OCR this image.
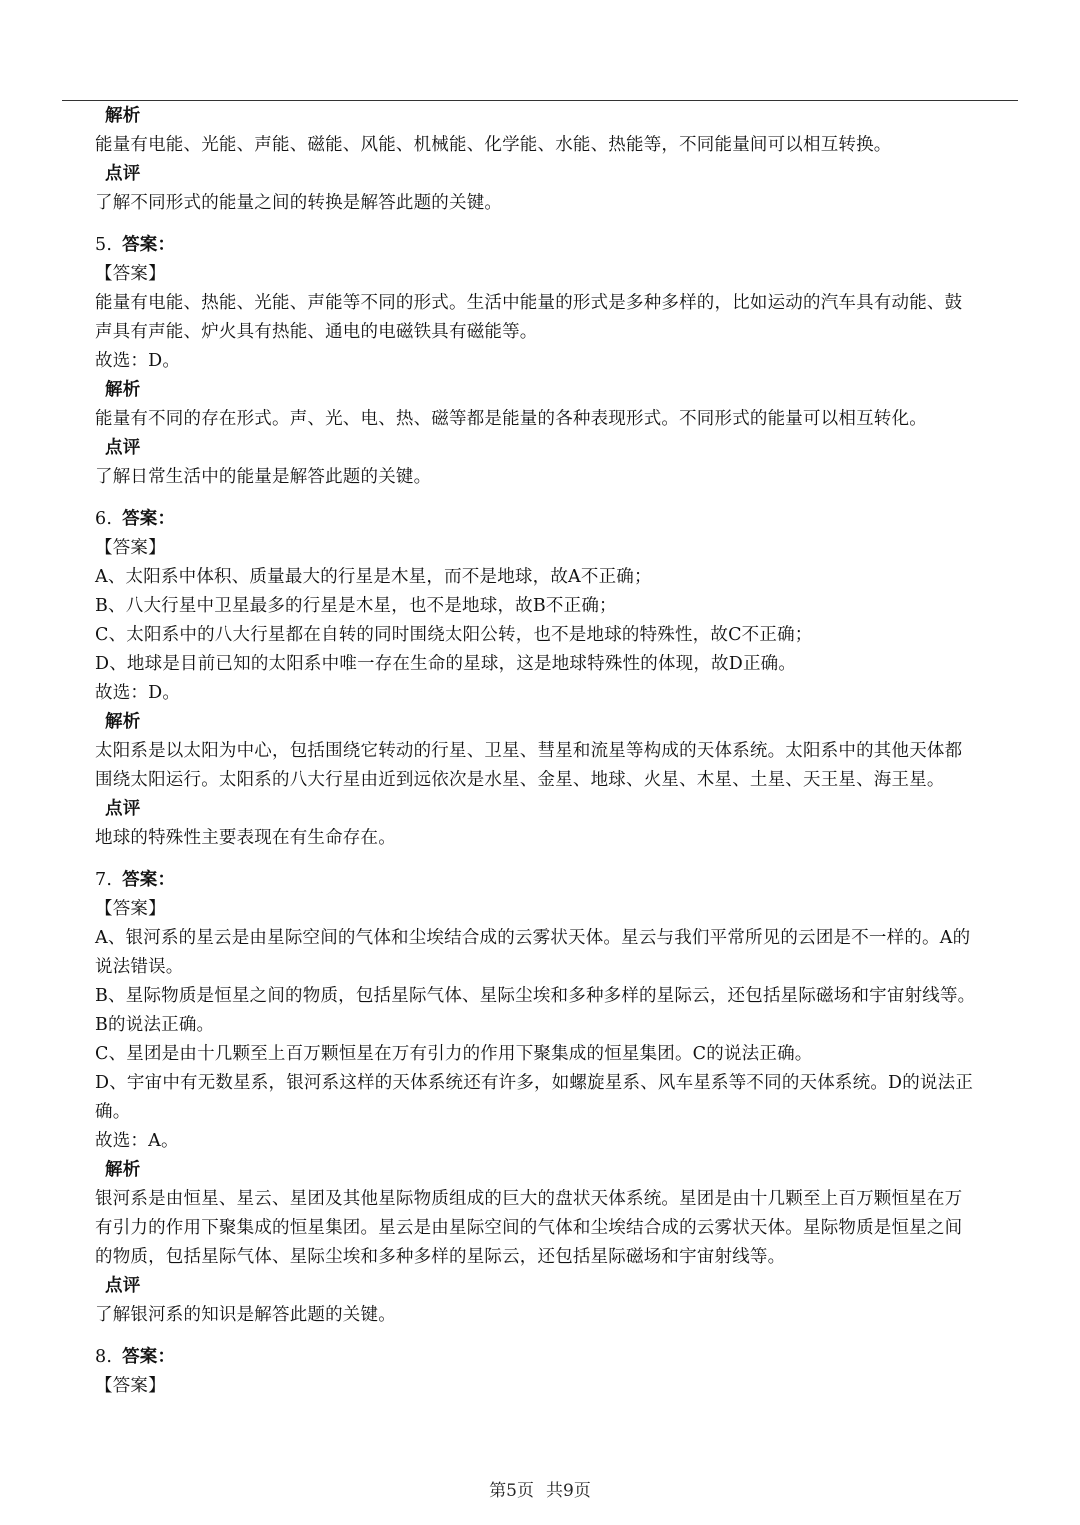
解析
能量有电能、光能、声能、磁能、风能、机械能、化学能、水能、热能等，不同能量间可以相互转换。
点评
了解不同形式的能量之间的转换是解答此题的关键。
5. 答案：
【答案】
能量有电能、热能、光能、声能等不同的形式。生活中能量的形式是多种多样的，比如运动的汽车具有动能、鼓
声具有声能、炉火具有热能、通电的电磁铁具有磁能等。
故选：D。
解析
能量有不同的存在形式。声、光、电、热、磁等都是能量的各种表现形式。不同形式的能量可以相互转化。
点评
了解日常生活中的能量是解答此题的关键。
6. 答案：
【答案】
A、太阳系中体积、质量最大的行星是木星，而不是地球，故A不正确；
B、八大行星中卫星最多的行星是木星，也不是地球，故B不正确；
C、太阳系中的八大行星都在自转的同时围绕太阳公转，也不是地球的特殊性，故C不正确；
D、地球是目前已知的太阳系中唯一存在生命的星球，这是地球特殊性的体现，故D正确。
故选：D。
解析
太阳系是以太阳为中心，包括围绕它转动的行星、卫星、彗星和流星等构成的天体系统。太阳系中的其他天体都
围绕太阳运行。太阳系的八大行星由近到远依次是水星、金星、地球、火星、木星、土星、天王星、海王星。
点评
地球的特殊性主要表现在有生命存在。
7. 答案：
【答案】
A、银河系的星云是由星际空间的气体和尘埃结合成的云雾状天体。星云与我们平常所见的云团是不一样的。A的
说法错误。
B、星际物质是恒星之间的物质，包括星际气体、星际尘埃和多种多样的星际云，还包括星际磁场和宇宙射线等。
B的说法正确。
C、星团是由十几颗至上百万颗恒星在万有引力的作用下聚集成的恒星集团。C的说法正确。
D、宇宙中有无数星系，银河系这样的天体系统还有许多，如螺旋星系、风车星系等不同的天体系统。D的说法正
确。
故选：A。
解析
银河系是由恒星、星云、星团及其他星际物质组成的巨大的盘状天体系统。星团是由十几颗至上百万颗恒星在万
有引力的作用下聚集成的恒星集团。星云是由星际空间的气体和尘埃结合成的云雾状天体。星际物质是恒星之间
的物质，包括星际气体、星际尘埃和多种多样的星际云，还包括星际磁场和宇宙射线等。
点评
了解银河系的知识是解答此题的关键。
8. 答案：
【答案】
第5页 共9页
